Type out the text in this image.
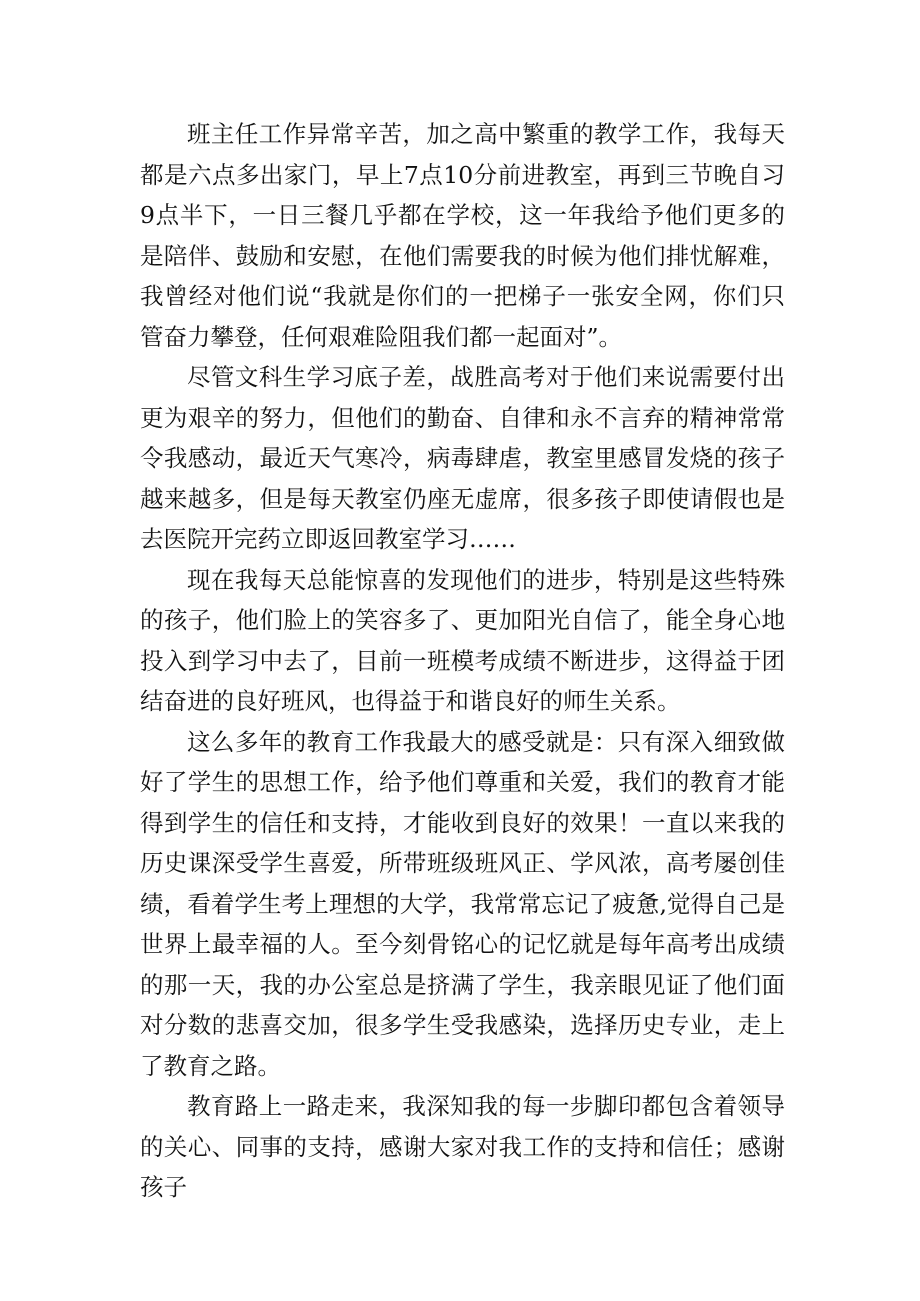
班主任工作异常辛苦，加之高中繁重的教学工作，我每天都是六点多出家门，早上7点10分前进教室，再到三节晚自习9点半下，一日三餐几乎都在学校，这一年我给予他们更多的是陪伴、鼓励和安慰，在他们需要我的时候为他们排忧解难，我曾经对他们说“我就是你们的一把梯子一张安全网，你们只管奋力攀登，任何艰难险阻我们都一起面对”。

尽管文科生学习底子差，战胜高考对于他们来说需要付出更为艰辛的努力，但他们的勤奋、自律和永不言弃的精神常常令我感动，最近天气寒冷，病毒肆虐，教室里感冒发烧的孩子越来越多，但是每天教室仍座无虚席，很多孩子即使请假也是去医院开完药立即返回教室学习……

现在我每天总能惊喜的发现他们的进步，特别是这些特殊的孩子，他们脸上的笑容多了、更加阳光自信了，能全身心地投入到学习中去了，目前一班模考成绩不断进步，这得益于团结奋进的良好班风，也得益于和谐良好的师生关系。

这么多年的教育工作我最大的感受就是：只有深入细致做好了学生的思想工作，给予他们尊重和关爱，我们的教育才能得到学生的信任和支持，才能收到良好的效果！一直以来我的历史课深受学生喜爱，所带班级班风正、学风浓，高考屡创佳绩，看着学生考上理想的大学，我常常忘记了疲惫,觉得自己是世界上最幸福的人。至今刻骨铭心的记忆就是每年高考出成绩的那一天，我的办公室总是挤满了学生，我亲眼见证了他们面对分数的悲喜交加，很多学生受我感染，选择历史专业，走上了教育之路。

教育路上一路走来，我深知我的每一步脚印都包含着领导的关心、同事的支持，感谢大家对我工作的支持和信任；感谢孩子
